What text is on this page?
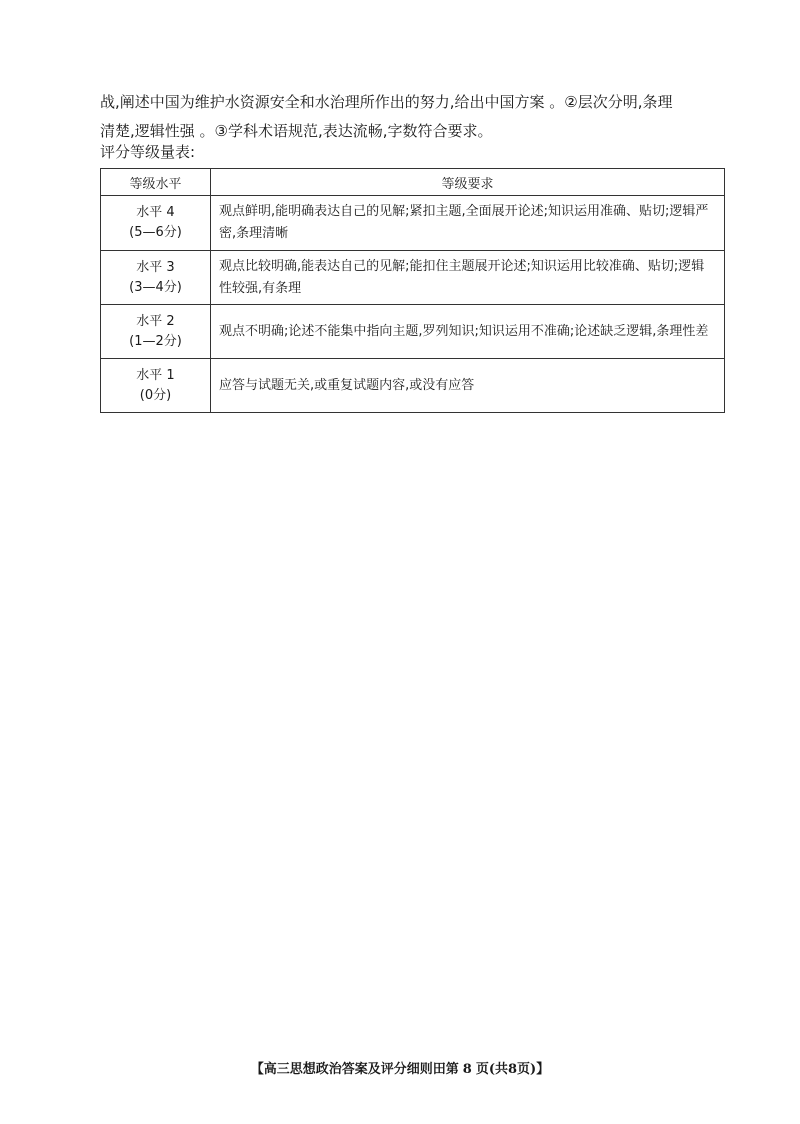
战,阐述中国为维护水资源安全和水治理所作出的努力,给出中国方案 。②层次分明,条理
清楚,逻辑性强 。③学科术语规范,表达流畅,字数符合要求。
评分等级量表:
等级水平	等级要求

水平 4
(5—6分)	观点鲜明,能明确表达自己的见解;紧扣主题,全面展开论述;知识运用准确、贴切;逻辑严密,条理清晰

水平 3
(3—4分)	观点比较明确,能表达自己的见解;能扣住主题展开论述;知识运用比较准确、贴切;逻辑性较强,有条理

水平 2
(1—2分)	观点不明确;论述不能集中指向主题,罗列知识;知识运用不准确;论述缺乏逻辑,条理性差

水平 1
(0分)	应答与试题无关,或重复试题内容,或没有应答
【高三思想政治答案及评分细则田第 8 页(共8页)】
